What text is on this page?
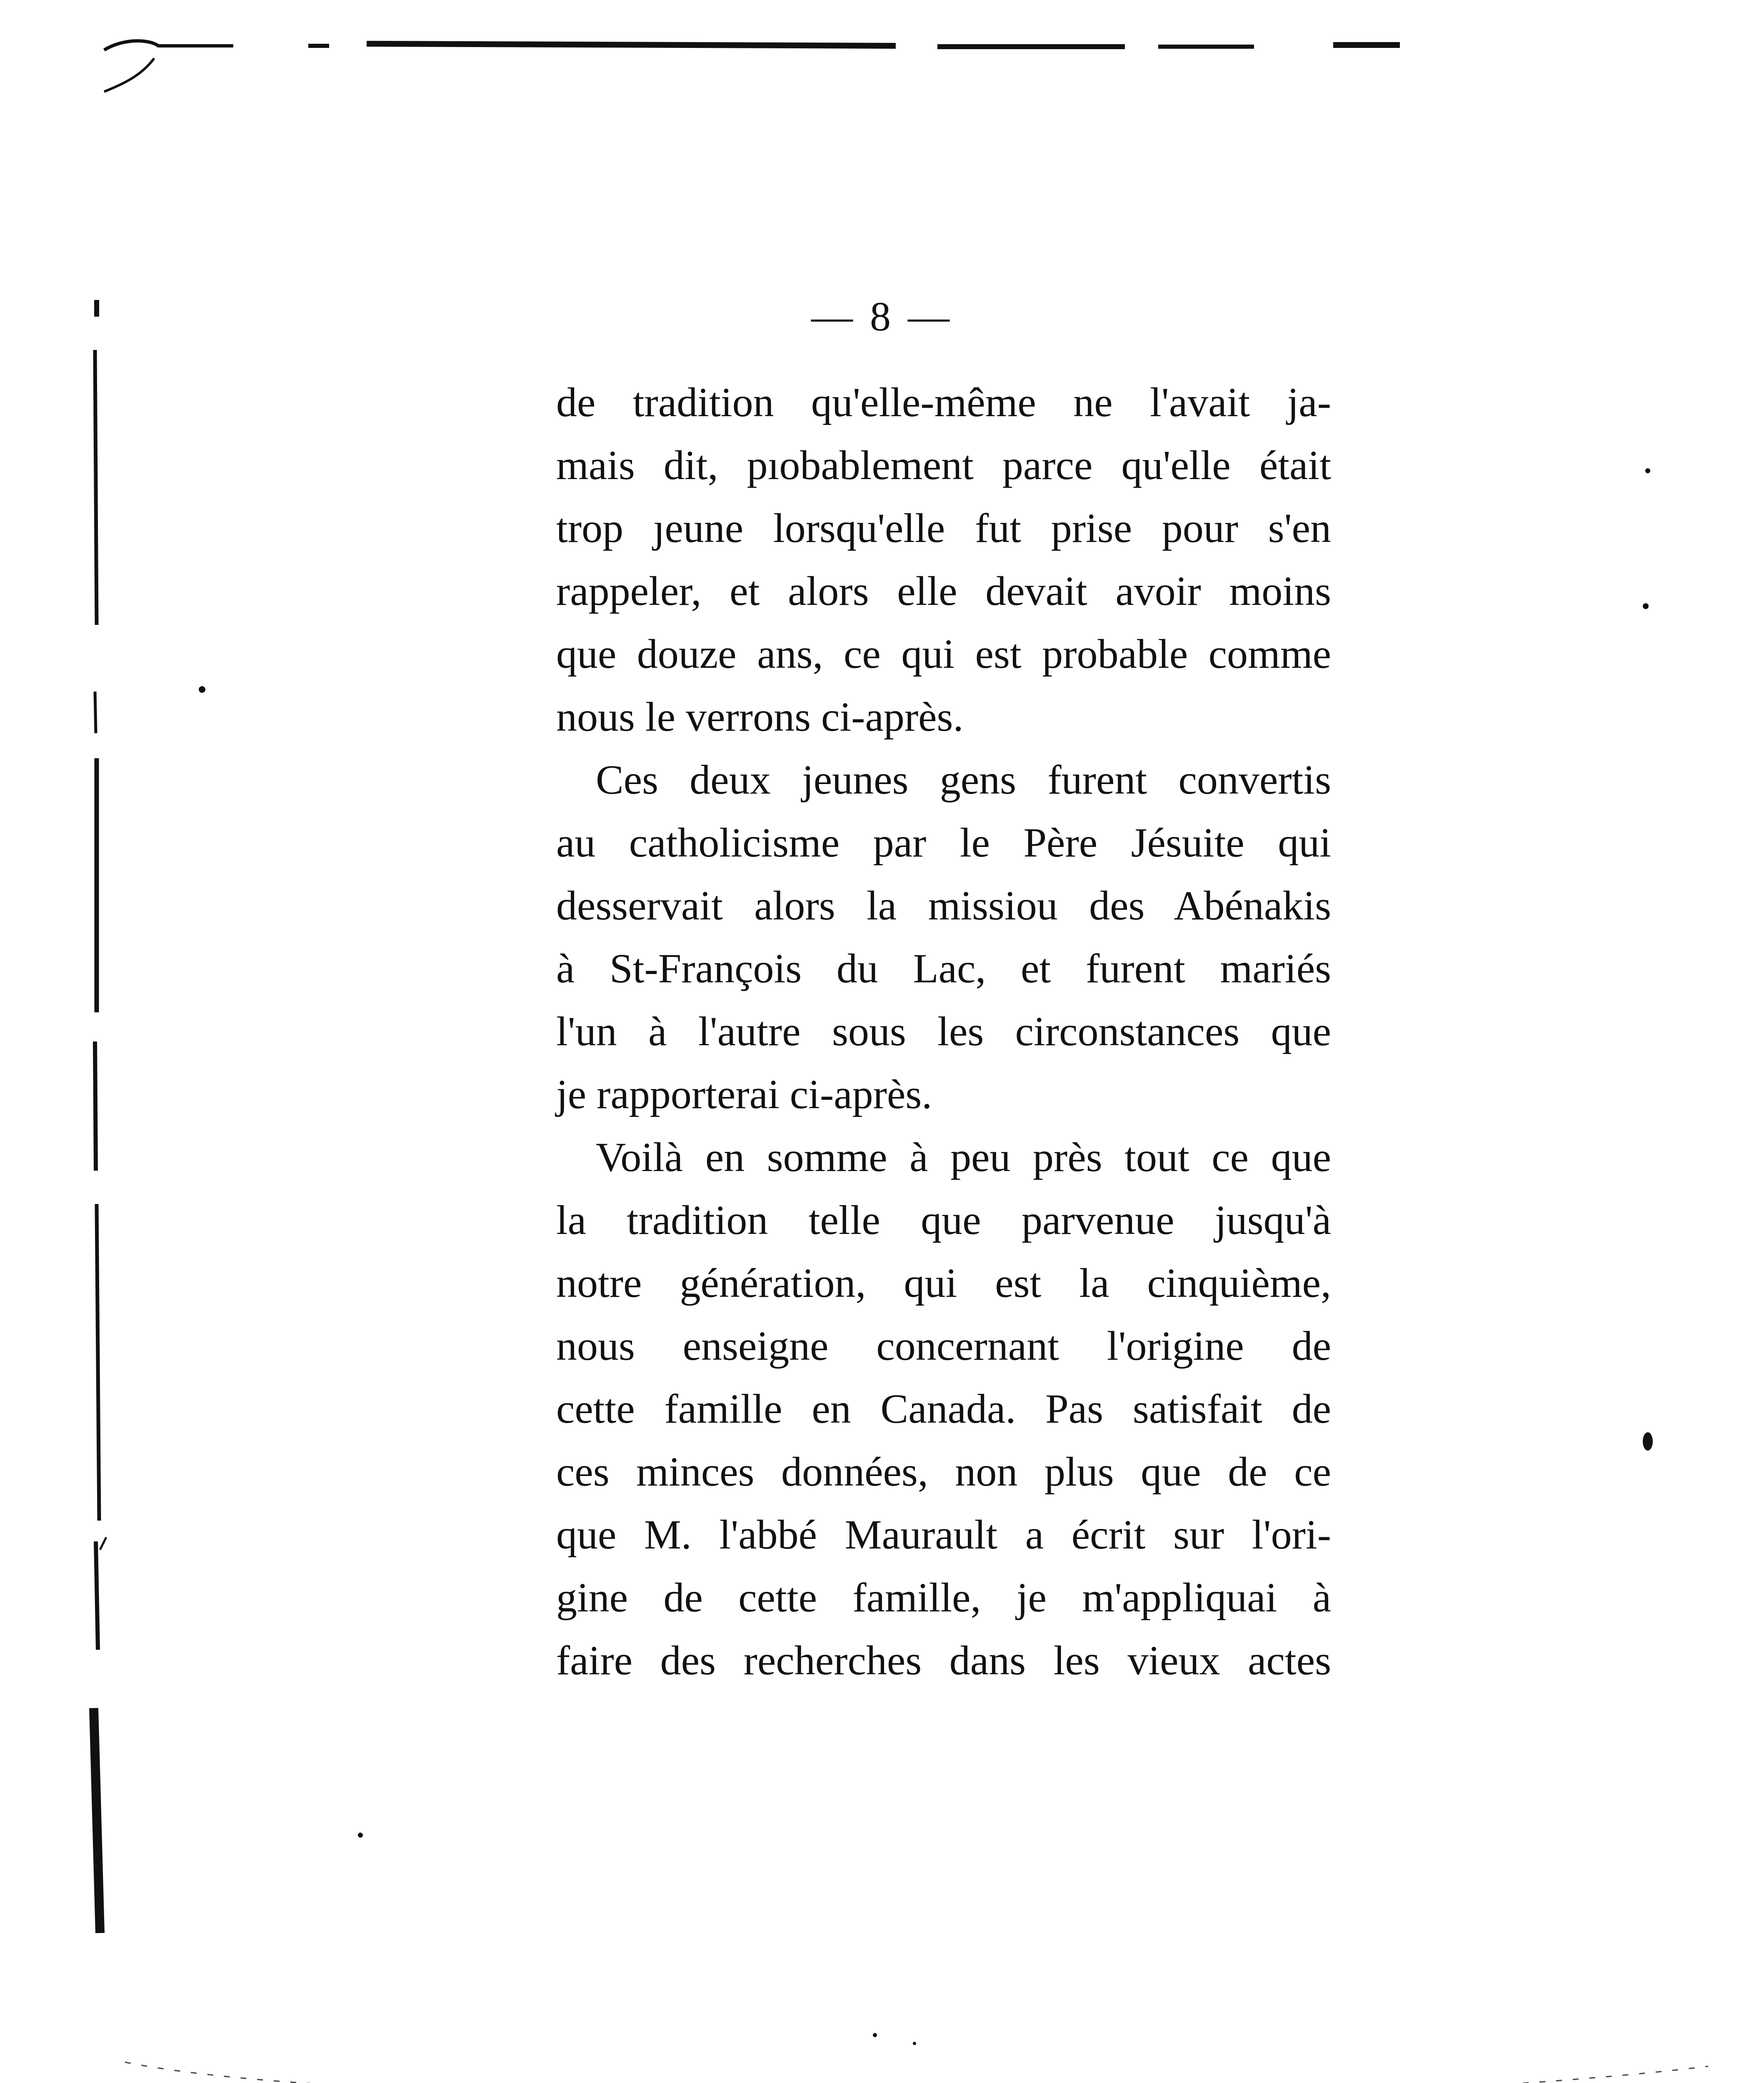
— 8 —
de tradition qu'elle-même ne l'avait ja-
mais dit, pıobablement parce qu'elle était
trop ȷeune lorsqu'elle fut prise pour s'en
rappeler, et alors elle devait avoir moins
que douze ans, ce qui est probable comme
nous le verrons ci-après.
Ces deux jeunes gens furent convertis
au catholicisme par le Père Jésuite qui
desservait alors la missiou des Abénakis
à St-François du Lac, et furent mariés
l'un à l'autre sous les circonstances que
je rapporterai ci-après.
Voilà en somme à peu près tout ce que
la tradition telle que parvenue jusqu'à
notre génération, qui est la cinquième,
nous enseigne concernant l'origine de
cette famille en Canada. Pas satisfait de
ces minces données, non plus que de ce
que M. l'abbé Maurault a écrit sur l'ori-
gine de cette famille, je m'appliquai à
faire des recherches dans les vieux actes
